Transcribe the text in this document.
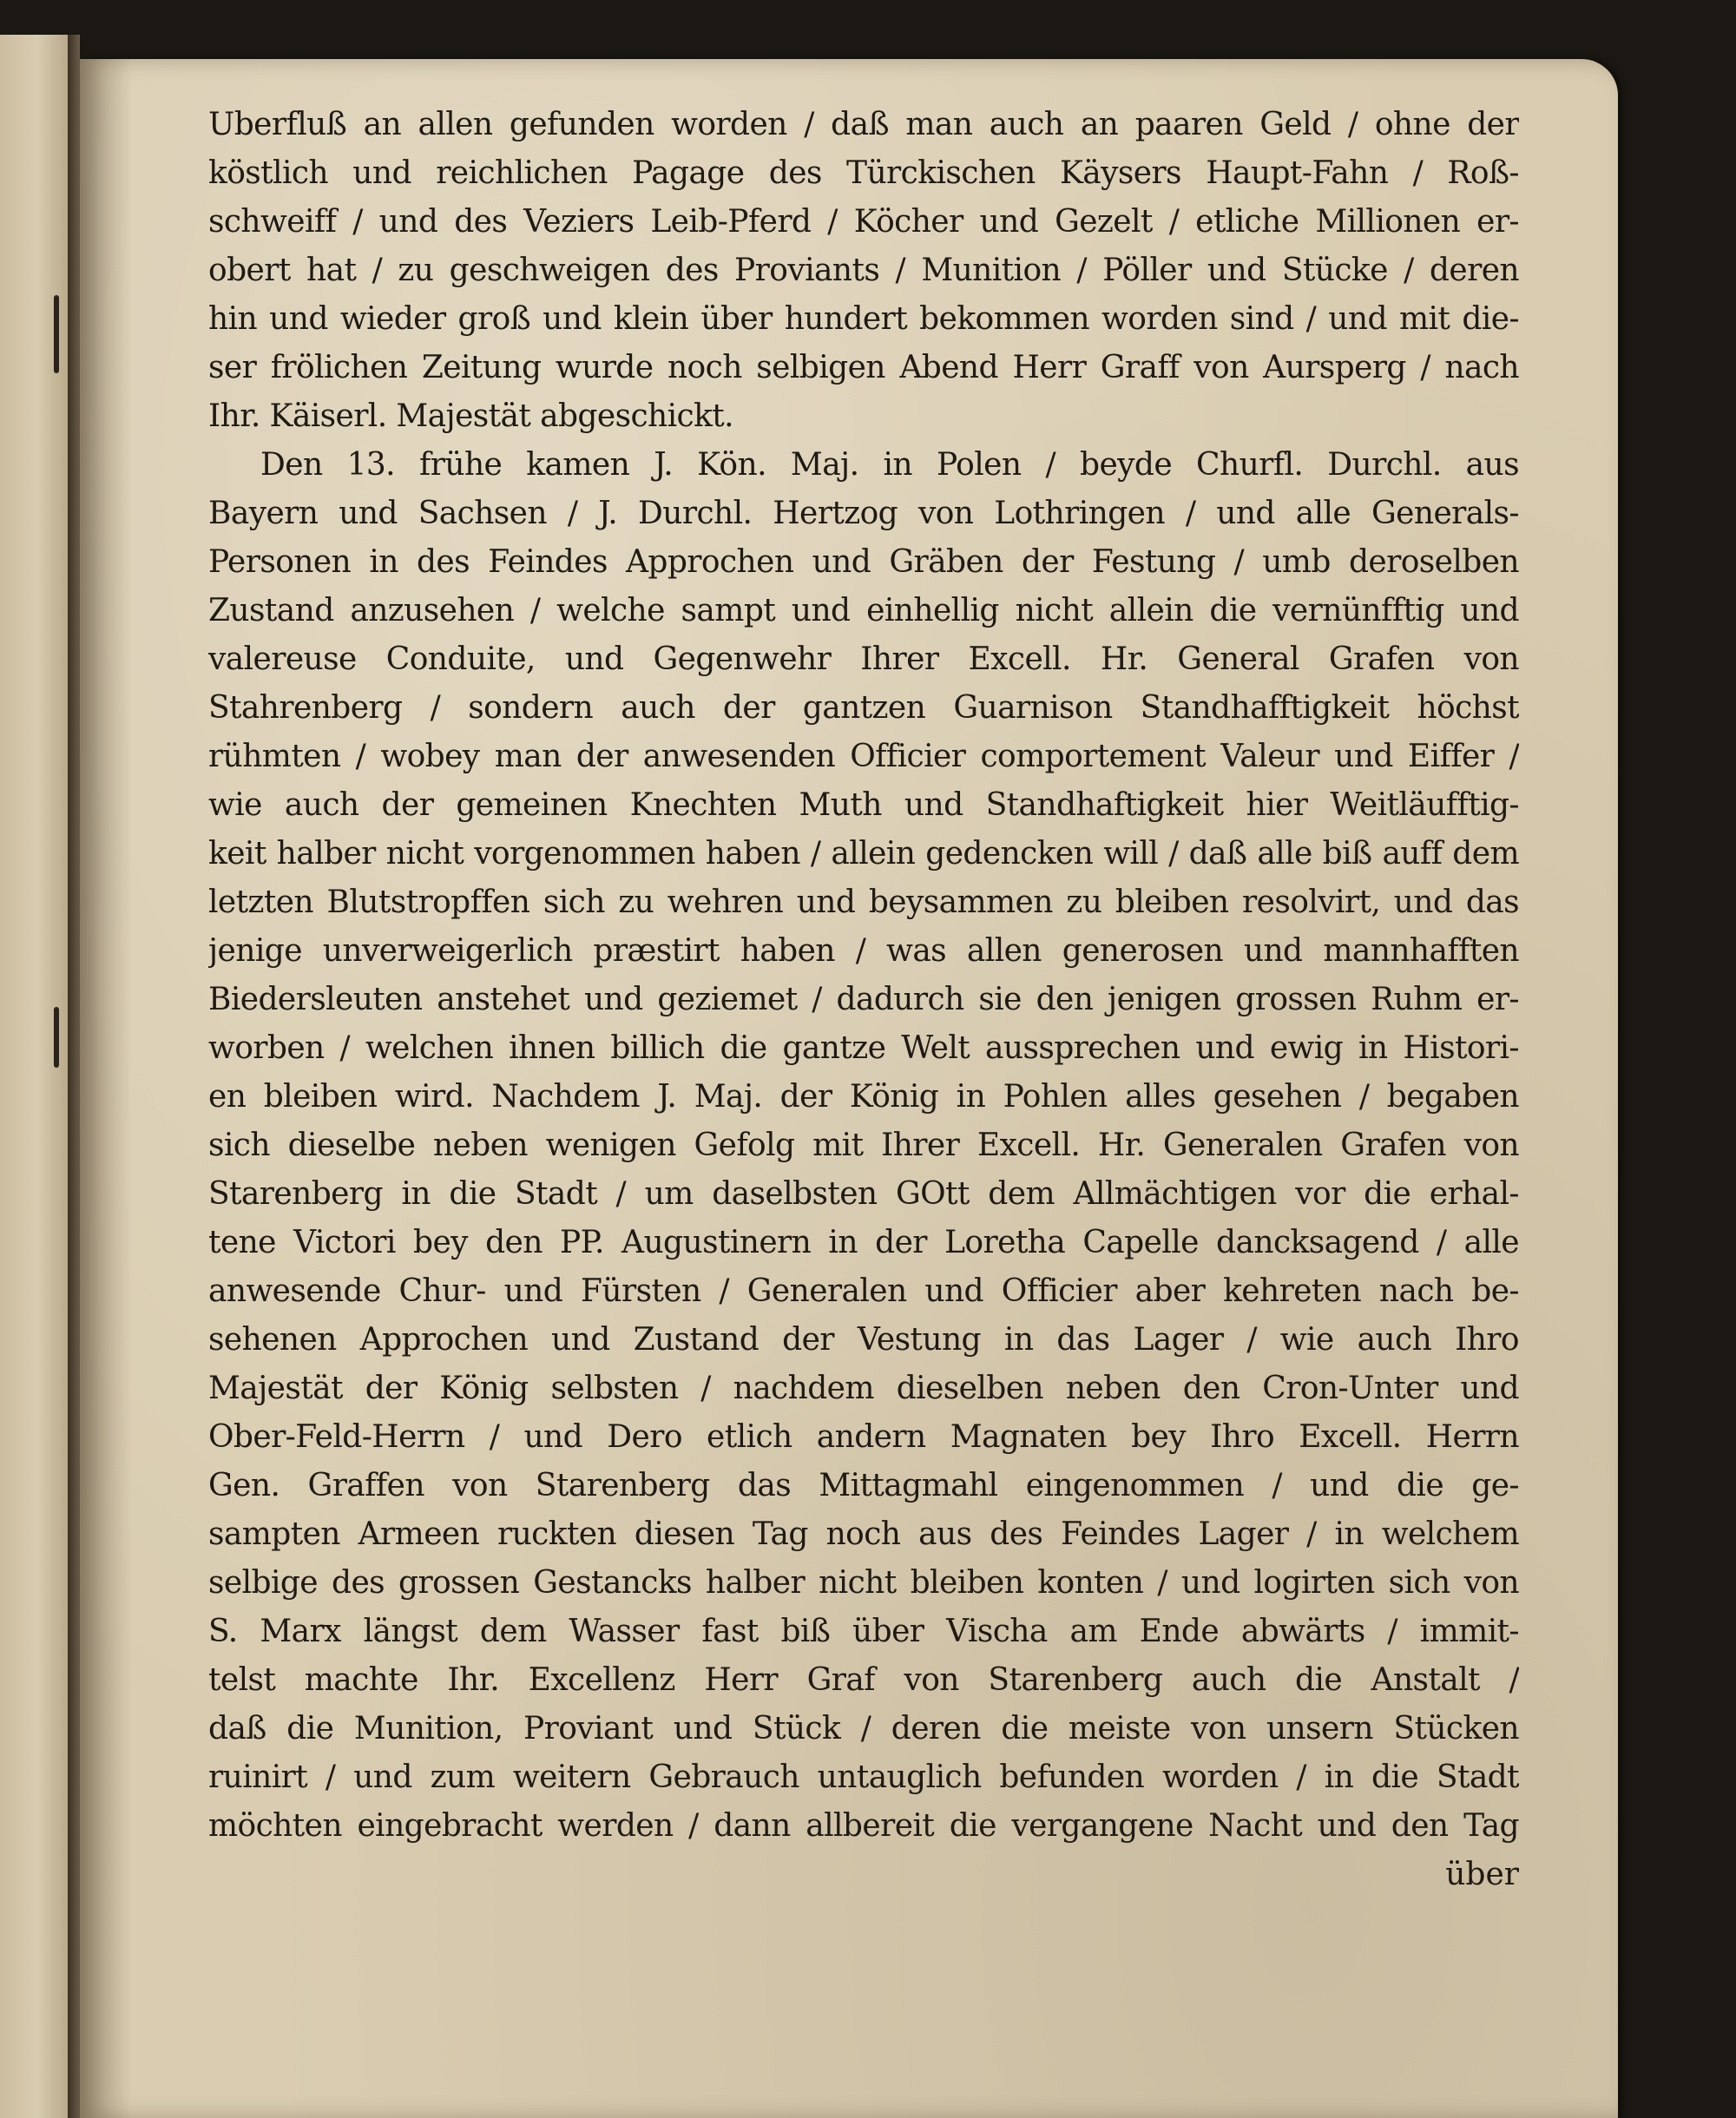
Uberfluß an allen gefunden worden / daß man auch an paaren Geld / ohne der
köstlich und reichlichen Pagage des Türckischen Käysers Haupt-Fahn / Roß-
schweiff / und des Veziers Leib-Pferd / Köcher und Gezelt / etliche Millionen er-
obert hat / zu geschweigen des Proviants / Munition / Pöller und Stücke / deren
hin und wieder groß und klein über hundert bekommen worden sind / und mit die-
ser frölichen Zeitung wurde noch selbigen Abend Herr Graff von Aursperg / nach
Ihr. Käiserl. Majestät abgeschickt.
Den 13. frühe kamen J. Kön. Maj. in Polen / beyde Churfl. Durchl. aus
Bayern und Sachsen / J. Durchl. Hertzog von Lothringen / und alle Generals-
Personen in des Feindes Approchen und Gräben der Festung / umb deroselben
Zustand anzusehen / welche sampt und einhellig nicht allein die vernünfftig und
valereuse Conduite, und Gegenwehr Ihrer Excell. Hr. General Grafen von
Stahrenberg / sondern auch der gantzen Guarnison Standhafftigkeit höchst
rühmten / wobey man der anwesenden Officier comportement Valeur und Eiffer /
wie auch der gemeinen Knechten Muth und Standhaftigkeit hier Weitläufftig-
keit halber nicht vorgenommen haben / allein gedencken will / daß alle biß auff dem
letzten Blutstropffen sich zu wehren und beysammen zu bleiben resolvirt, und das
jenige unverweigerlich præstirt haben / was allen generosen und mannhafften
Biedersleuten anstehet und geziemet / dadurch sie den jenigen grossen Ruhm er-
worben / welchen ihnen billich die gantze Welt aussprechen und ewig in Histori-
en bleiben wird. Nachdem J. Maj. der König in Pohlen alles gesehen / begaben
sich dieselbe neben wenigen Gefolg mit Ihrer Excell. Hr. Generalen Grafen von
Starenberg in die Stadt / um daselbsten GOtt dem Allmächtigen vor die erhal-
tene Victori bey den PP. Augustinern in der Loretha Capelle dancksagend / alle
anwesende Chur- und Fürsten / Generalen und Officier aber kehreten nach be-
sehenen Approchen und Zustand der Vestung in das Lager / wie auch Ihro
Majestät der König selbsten / nachdem dieselben neben den Cron-Unter und
Ober-Feld-Herrn / und Dero etlich andern Magnaten bey Ihro Excell. Herrn
Gen. Graffen von Starenberg das Mittagmahl eingenommen / und die ge-
sampten Armeen ruckten diesen Tag noch aus des Feindes Lager / in welchem
selbige des grossen Gestancks halber nicht bleiben konten / und logirten sich von
S. Marx längst dem Wasser fast biß über Vischa am Ende abwärts / immit-
telst machte Ihr. Excellenz Herr Graf von Starenberg auch die Anstalt /
daß die Munition, Proviant und Stück / deren die meiste von unsern Stücken
ruinirt / und zum weitern Gebrauch untauglich befunden worden / in die Stadt
möchten eingebracht werden / dann allbereit die vergangene Nacht und den Tag
über
